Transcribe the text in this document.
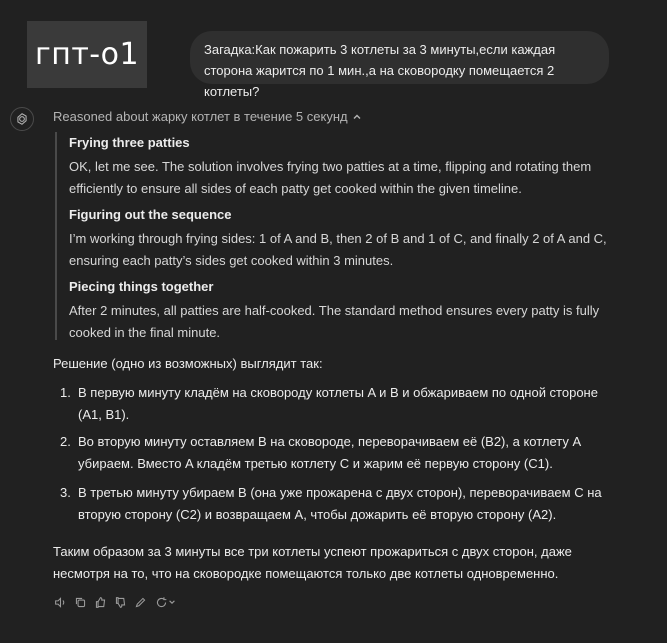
гпт-o1	Загадка:Как пожарить 3 котлеты за 3 минуты,если каждая сторона жарится по 1 мин.,а на сковородку помещается 2 котлеты?
Reasoned about жарку котлет в течение 5 секунд
Frying three patties
OK, let me see. The solution involves frying two patties at a time, flipping and rotating them efficiently to ensure all sides of each patty get cooked within the given timeline.
Figuring out the sequence
I’m working through frying sides: 1 of A and B, then 2 of B and 1 of C, and finally 2 of A and C, ensuring each patty’s sides get cooked within 3 minutes.
Piecing things together
After 2 minutes, all patties are half-cooked. The standard method ensures every patty is fully cooked in the final minute.
Решение (одно из возможных) выглядит так:
1. В первую минуту кладём на сковороду котлеты A и B и обжариваем по одной стороне (A1, B1).
2. Во вторую минуту оставляем B на сковороде, переворачиваем её (B2), а котлету A убираем. Вместо A кладём третью котлету C и жарим её первую сторону (C1).
3. В третью минуту убираем B (она уже прожарена с двух сторон), переворачиваем C на вторую сторону (C2) и возвращаем A, чтобы дожарить её вторую сторону (A2).
Таким образом за 3 минуты все три котлеты успеют прожариться с двух сторон, даже несмотря на то, что на сковородке помещаются только две котлеты одновременно.
